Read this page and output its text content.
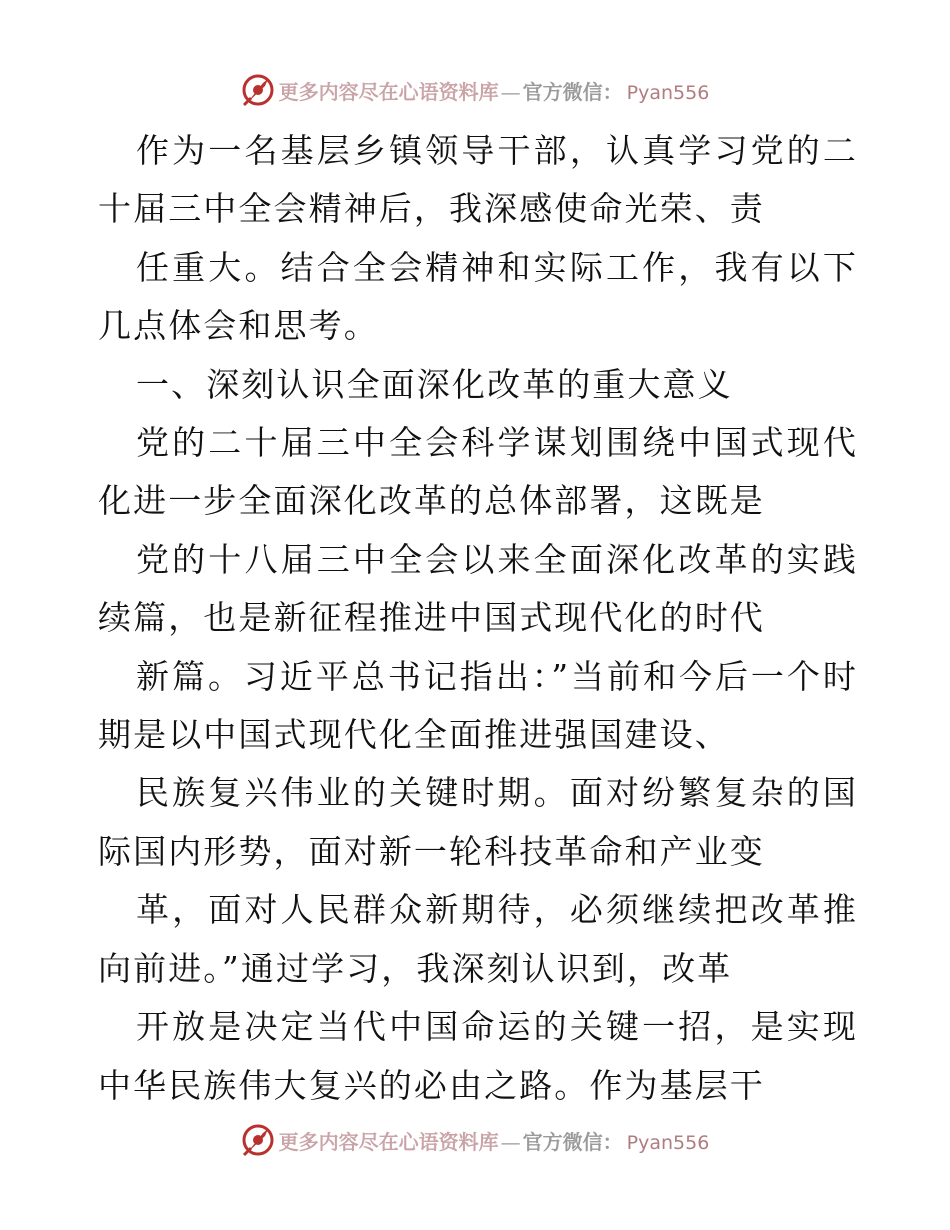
更多内容尽在心语资料库 — 官方微信： Pyan556

作为一名基层乡镇领导干部，认真学习党的二十届三中全会精神后，我深感使命光荣、责

任重大。结合全会精神和实际工作，我有以下几点体会和思考。

一、深刻认识全面深化改革的重大意义

党的二十届三中全会科学谋划围绕中国式现代化进一步全面深化改革的总体部署，这既是

党的十八届三中全会以来全面深化改革的实践续篇，也是新征程推进中国式现代化的时代

新篇。习近平总书记指出：”当前和今后一个时期是以中国式现代化全面推进强国建设、

民族复兴伟业的关键时期。面对纷繁复杂的国际国内形势，面对新一轮科技革命和产业变

革，面对人民群众新期待，必须继续把改革推向前进。”通过学习，我深刻认识到，改革

开放是决定当代中国命运的关键一招，是实现中华民族伟大复兴的必由之路。作为基层干

更多内容尽在心语资料库 — 官方微信： Pyan556
